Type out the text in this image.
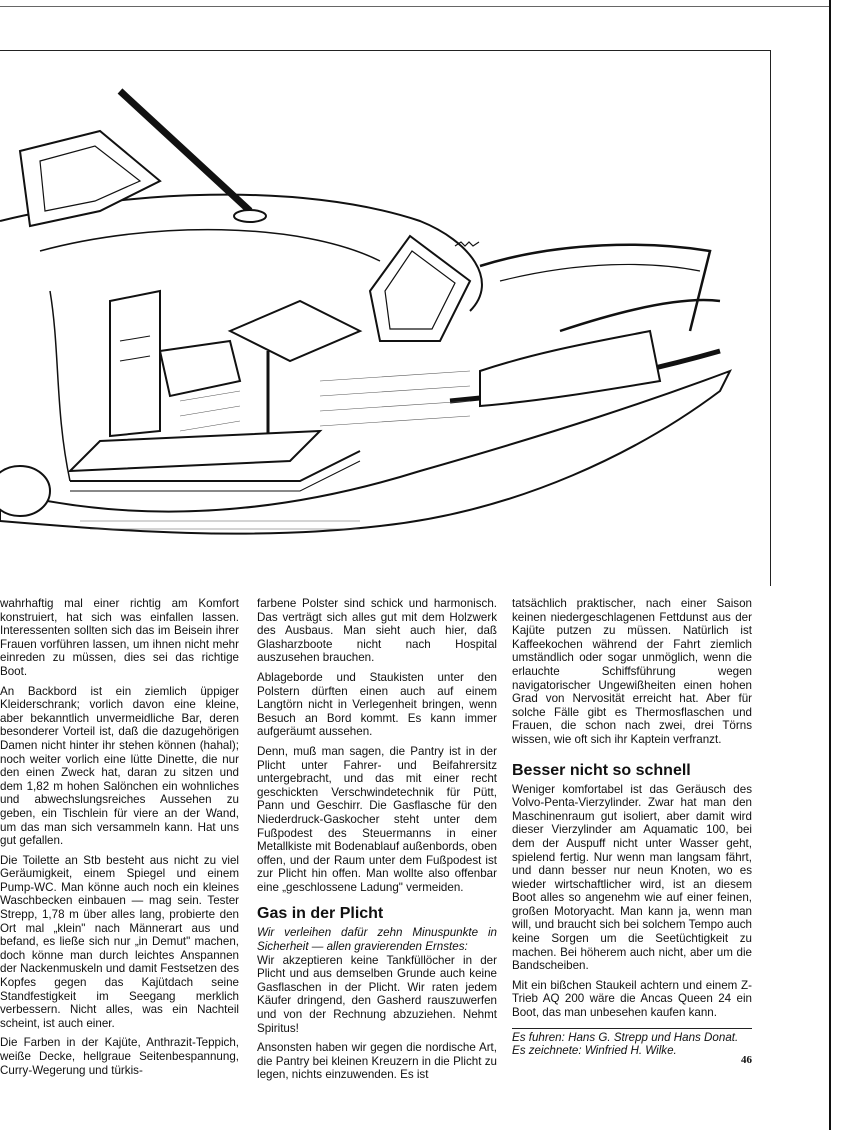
wahrhaftig mal einer richtig am Komfort konstruiert, hat sich was einfallen lassen. Interessenten sollten sich das im Beisein ihrer Frauen vorführen lassen, um ihnen nicht mehr einreden zu müssen, dies sei das richtige Boot.

An Backbord ist ein ziemlich üppiger Kleiderschrank; vorlich davon eine kleine, aber bekanntlich unvermeidliche Bar, deren besonderer Vorteil ist, daß die dazugehörigen Damen nicht hinter ihr stehen können (hahal); noch weiter vorlich eine lütte Dinette, die nur den einen Zweck hat, daran zu sitzen und dem 1,82 m hohen Salönchen ein wohnliches und abwechslungsreiches Aussehen zu geben, ein Tischlein für viere an der Wand, um das man sich versammeln kann. Hat uns gut gefallen.

Die Toilette an Stb besteht aus nicht zu viel Geräumigkeit, einem Spiegel und einem Pump-WC. Man könne auch noch ein kleines Waschbecken einbauen — mag sein. Tester Strepp, 1,78 m über alles lang, probierte den Ort mal „klein" nach Männerart aus und befand, es ließe sich nur „in Demut" machen, doch könne man durch leichtes Anspannen der Nackenmuskeln und damit Festsetzen des Kopfes gegen das Kajütdach seine Standfestigkeit im Seegang merklich verbessern. Nicht alles, was ein Nachteil scheint, ist auch einer.

Die Farben in der Kajüte, Anthrazit-Teppich, weiße Decke, hellgraue Seitenbespannung, Curry-Wegerung und türkis-

farbene Polster sind schick und harmonisch. Das verträgt sich alles gut mit dem Holzwerk des Ausbaus. Man sieht auch hier, daß Glasharzboote nicht nach Hospital auszusehen brauchen.

Ablageborde und Staukisten unter den Polstern dürften einen auch auf einem Langtörn nicht in Verlegenheit bringen, wenn Besuch an Bord kommt. Es kann immer aufgeräumt aussehen.

Denn, muß man sagen, die Pantry ist in der Plicht unter Fahrer- und Beifahrersitz untergebracht, und das mit einer recht geschickten Verschwindetechnik für Pütt, Pann und Geschirr. Die Gasflasche für den Niederdruck-Gaskocher steht unter dem Fußpodest des Steuermanns in einer Metallkiste mit Bodenablauf außenbords, oben offen, und der Raum unter dem Fußpodest ist zur Plicht hin offen. Man wollte also offenbar eine „geschlossene Ladung" vermeiden.

Gas in der Plicht

Wir verleihen dafür zehn Minuspunkte in Sicherheit — allen gravierenden Ernstes:

Wir akzeptieren keine Tankfüllöcher in der Plicht und aus demselben Grunde auch keine Gasflaschen in der Plicht. Wir raten jedem Käufer dringend, den Gasherd rauszuwerfen und von der Rechnung abzuziehen. Nehmt Spiritus!

Ansonsten haben wir gegen die nordische Art, die Pantry bei kleinen Kreuzern in die Plicht zu legen, nichts einzuwenden. Es ist

tatsächlich praktischer, nach einer Saison keinen niedergeschlagenen Fettdunst aus der Kajüte putzen zu müssen. Natürlich ist Kaffeekochen während der Fahrt ziemlich umständlich oder sogar unmöglich, wenn die erlauchte Schiffsführung wegen navigatorischer Ungewißheiten einen hohen Grad von Nervosität erreicht hat. Aber für solche Fälle gibt es Thermosflaschen und Frauen, die schon nach zwei, drei Törns wissen, wie oft sich ihr Kaptein verfranzt.

Besser nicht so schnell

Weniger komfortabel ist das Geräusch des Volvo-Penta-Vierzylinder. Zwar hat man den Maschinenraum gut isoliert, aber damit wird dieser Vierzylinder am Aquamatic 100, bei dem der Auspuff nicht unter Wasser geht, spielend fertig. Nur wenn man langsam fährt, und dann besser nur neun Knoten, wo es wieder wirtschaftlicher wird, ist an diesem Boot alles so angenehm wie auf einer feinen, großen Motoryacht. Man kann ja, wenn man will, und braucht sich bei solchem Tempo auch keine Sorgen um die Seetüchtigkeit zu machen. Bei höherem auch nicht, aber um die Bandscheiben.

Mit ein bißchen Staukeil achtern und einem Z-Trieb AQ 200 wäre die Ancas Queen 24 ein Boot, das man unbesehen kaufen kann.

Es fuhren: Hans G. Strepp und Hans Donat.
Es zeichnete: Winfried H. Wilke.
46
